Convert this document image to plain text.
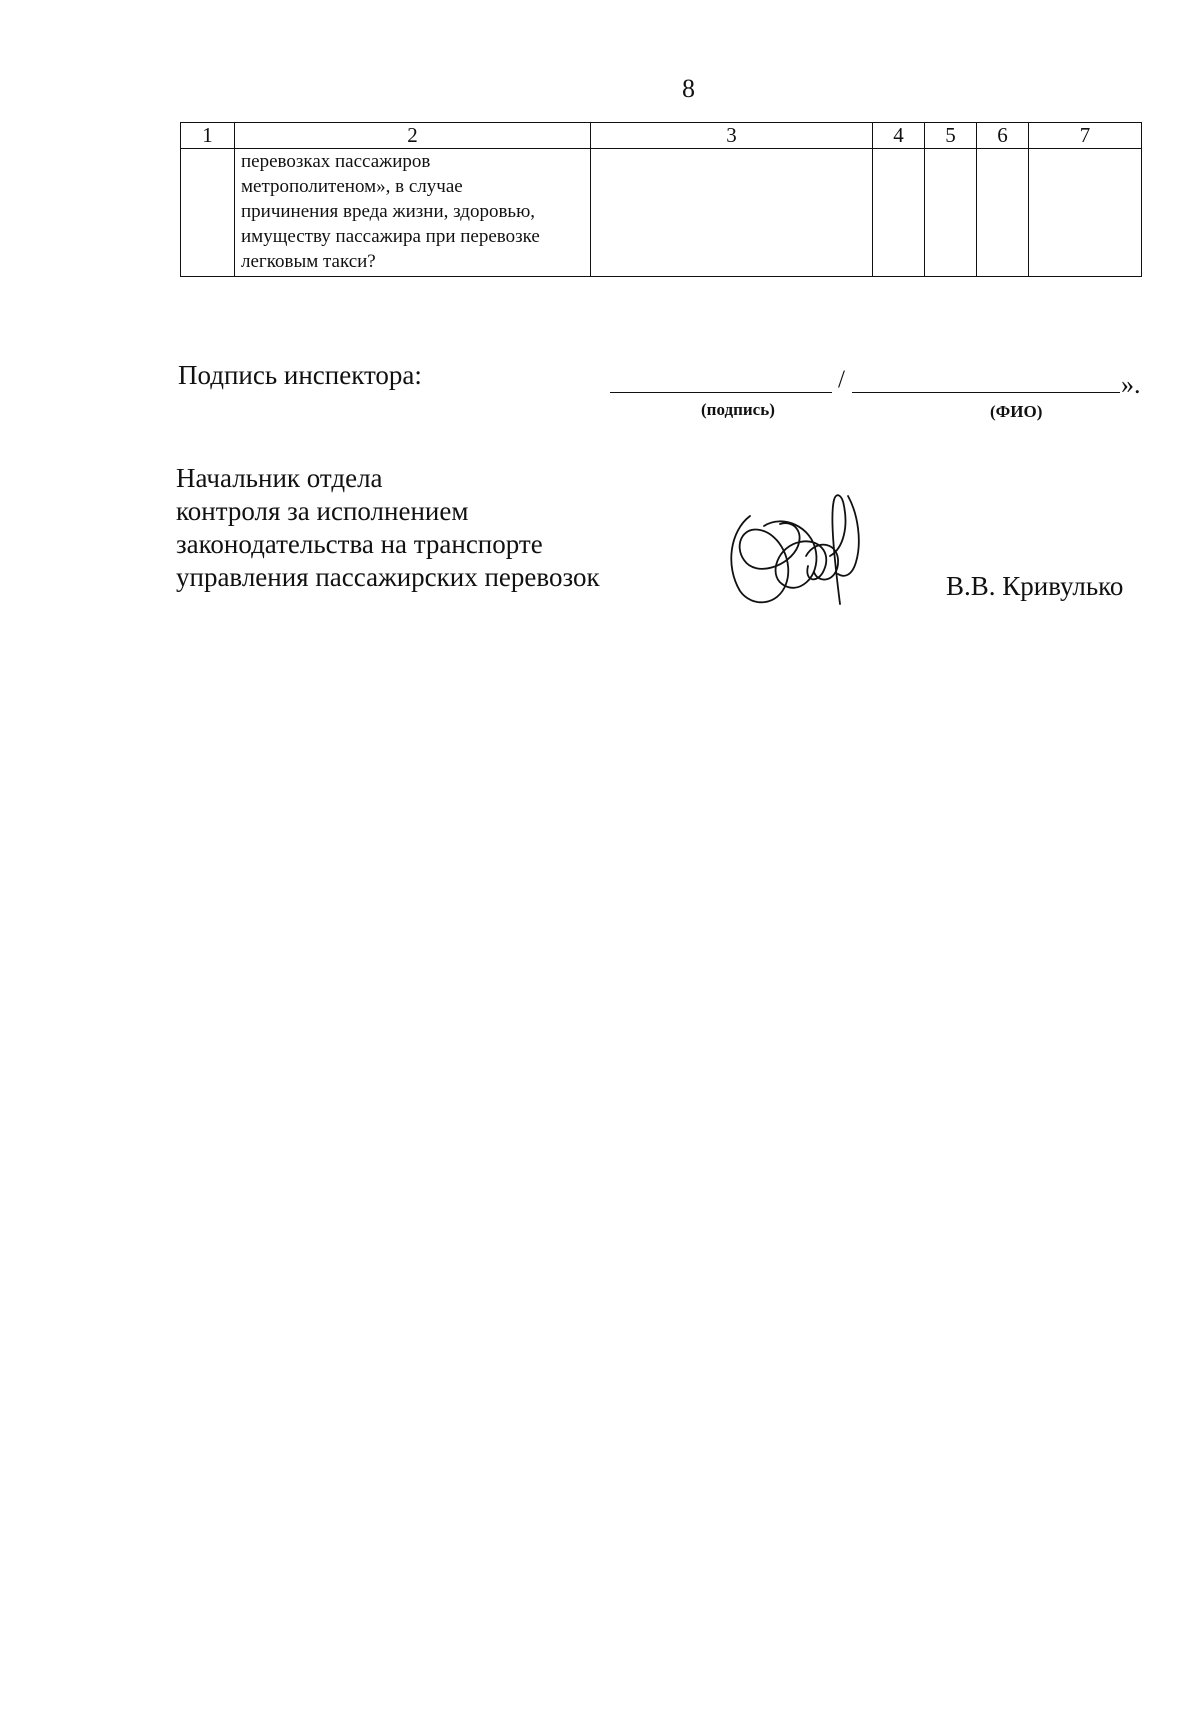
8
1	2	3	4	5	6	7

	перевозках пассажиров
метрополитеном», в случае
причинения вреда жизни, здоровью,
имуществу пассажира при перевозке
легковым такси?					

Подпись инспектора:	/	».
(подпись)	(ФИО)
Начальник отдела
контроля за исполнением
законодательства на транспорте
управления пассажирских перевозок	В.В. Кривулько
